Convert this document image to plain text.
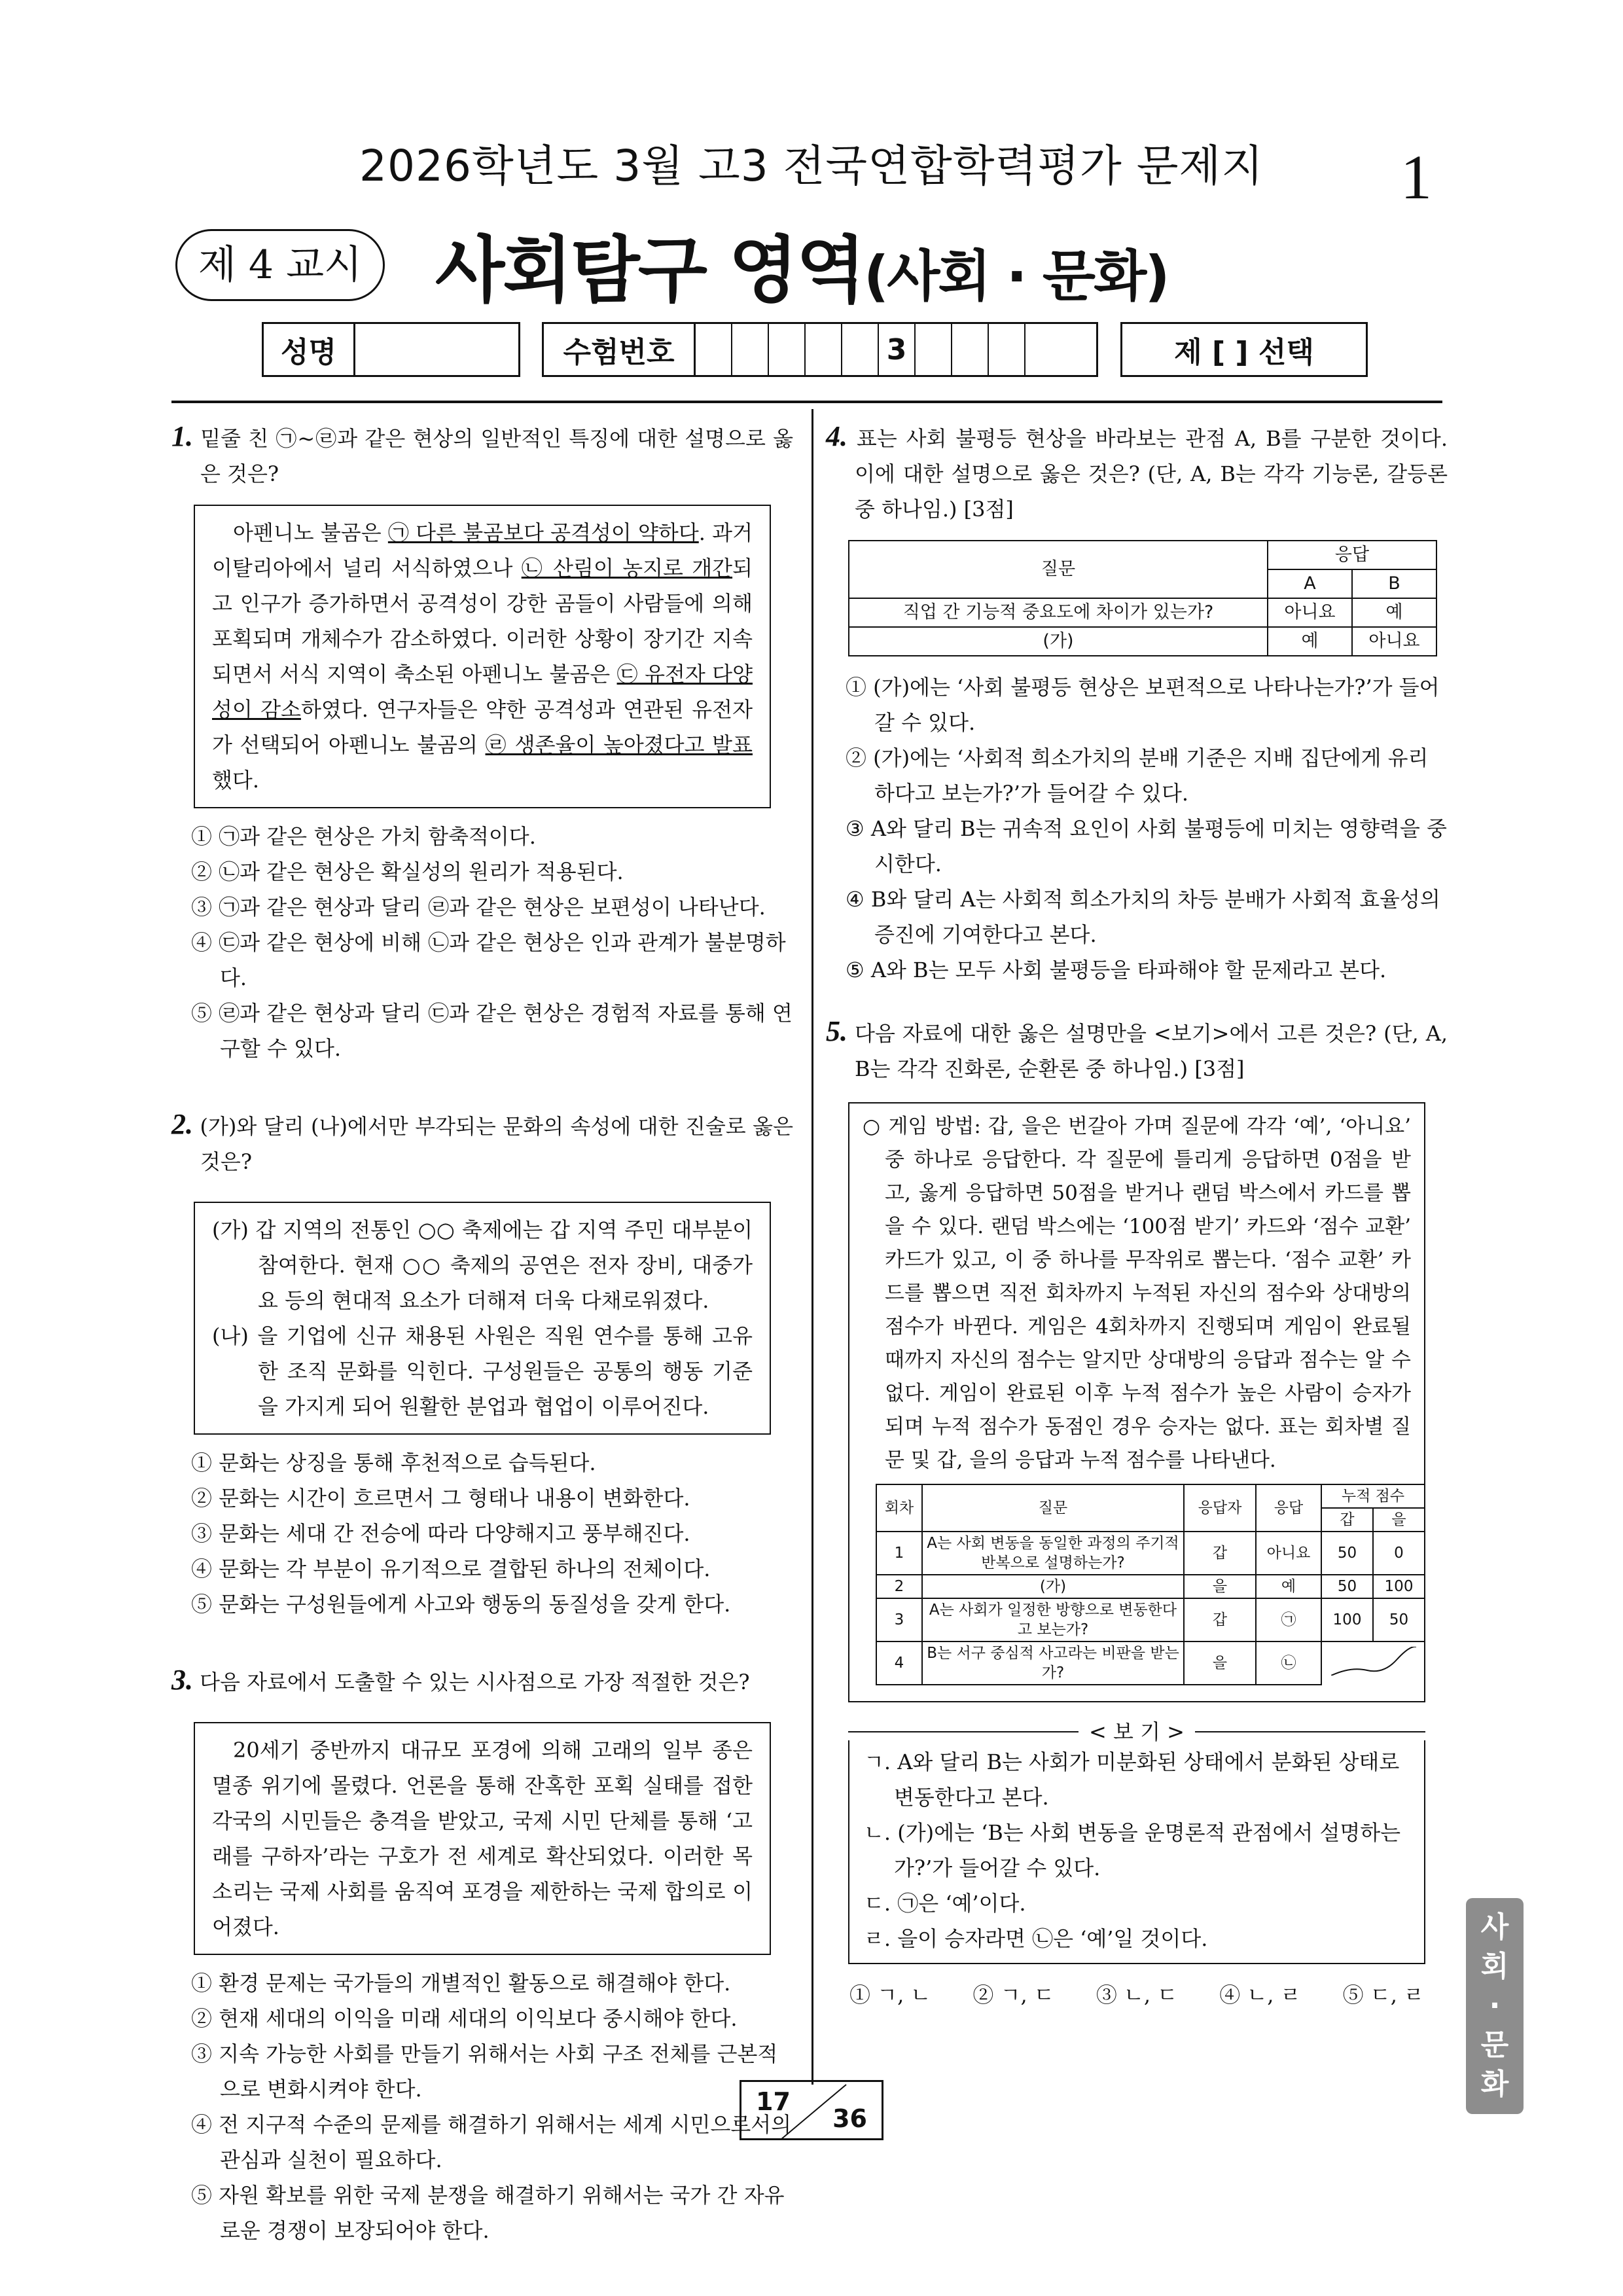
2026학년도 3월 고3 전국연합학력평가 문제지	1
제 4 교시	사회탐구 영역(사회 · 문화)
성명	수험번호	3	제 [ ] 선택
1. 밑줄 친 ㉠~㉣과 같은 현상의 일반적인 특징에 대한 설명으로 옳은 것은?

아펜니노 불곰은 ㉠ 다른 불곰보다 공격성이 약하다. 과거 이탈리아에서 널리 서식하였으나 ㉡ 산림이 농지로 개간되고 인구가 증가하면서 공격성이 강한 곰들이 사람들에 의해 포획되며 개체수가 감소하였다. 이러한 상황이 장기간 지속되면서 서식 지역이 축소된 아펜니노 불곰은 ㉢ 유전자 다양성이 감소하였다. 연구자들은 약한 공격성과 연관된 유전자가 선택되어 아펜니노 불곰의 ㉣ 생존율이 높아졌다고 발표했다.

① ㉠과 같은 현상은 가치 함축적이다.
② ㉡과 같은 현상은 확실성의 원리가 적용된다.
③ ㉠과 같은 현상과 달리 ㉣과 같은 현상은 보편성이 나타난다.
④ ㉢과 같은 현상에 비해 ㉡과 같은 현상은 인과 관계가 불분명하다.
⑤ ㉣과 같은 현상과 달리 ㉢과 같은 현상은 경험적 자료를 통해 연구할 수 있다.
2. (가)와 달리 (나)에서만 부각되는 문화의 속성에 대한 진술로 옳은 것은?
(가) 갑 지역의 전통인 ○○ 축제에는 갑 지역 주민 대부분이 참여한다. 현재 ○○ 축제의 공연은 전자 장비, 대중가요 등의 현대적 요소가 더해져 더욱 다채로워졌다.
(나) 을 기업에 신규 채용된 사원은 직원 연수를 통해 고유한 조직 문화를 익힌다. 구성원들은 공통의 행동 기준을 가지게 되어 원활한 분업과 협업이 이루어진다.
① 문화는 상징을 통해 후천적으로 습득된다.
② 문화는 시간이 흐르면서 그 형태나 내용이 변화한다.
③ 문화는 세대 간 전승에 따라 다양해지고 풍부해진다.
④ 문화는 각 부분이 유기적으로 결합된 하나의 전체이다.
⑤ 문화는 구성원들에게 사고와 행동의 동질성을 갖게 한다.
3. 다음 자료에서 도출할 수 있는 시사점으로 가장 적절한 것은?

20세기 중반까지 대규모 포경에 의해 고래의 일부 종은 멸종 위기에 몰렸다. 언론을 통해 잔혹한 포획 실태를 접한 각국의 시민들은 충격을 받았고, 국제 시민 단체를 통해 ‘고래를 구하자’라는 구호가 전 세계로 확산되었다. 이러한 목소리는 국제 사회를 움직여 포경을 제한하는 국제 합의로 이어졌다.

① 환경 문제는 국가들의 개별적인 활동으로 해결해야 한다.
② 현재 세대의 이익을 미래 세대의 이익보다 중시해야 한다.
③ 지속 가능한 사회를 만들기 위해서는 사회 구조 전체를 근본적으로 변화시켜야 한다.
④ 전 지구적 수준의 문제를 해결하기 위해서는 세계 시민으로서의 관심과 실천이 필요하다.
⑤ 자원 확보를 위한 국제 분쟁을 해결하기 위해서는 국가 간 자유로운 경쟁이 보장되어야 한다.
4. 표는 사회 불평등 현상을 바라보는 관점 A, B를 구분한 것이다. 이에 대한 설명으로 옳은 것은? (단, A, B는 각각 기능론, 갈등론 중 하나임.) [3점]
질문	응답	
	A	B
직업 간 기능적 중요도에 차이가 있는가?	아니요	예
(가)	예	아니요
① (가)에는 ‘사회 불평등 현상은 보편적으로 나타나는가?’가 들어갈 수 있다.
② (가)에는 ‘사회적 희소가치의 분배 기준은 지배 집단에게 유리하다고 보는가?’가 들어갈 수 있다.
③ A와 달리 B는 귀속적 요인이 사회 불평등에 미치는 영향력을 중시한다.
④ B와 달리 A는 사회적 희소가치의 차등 분배가 사회적 효율성의 증진에 기여한다고 본다.
⑤ A와 B는 모두 사회 불평등을 타파해야 할 문제라고 본다.
5. 다음 자료에 대한 옳은 설명만을 <보기>에서 고른 것은? (단, A, B는 각각 진화론, 순환론 중 하나임.) [3점]
○ 게임 방법: 갑, 을은 번갈아 가며 질문에 각각 ‘예’, ‘아니요’ 중 하나로 응답한다. 각 질문에 틀리게 응답하면 0점을 받고, 옳게 응답하면 50점을 받거나 랜덤 박스에서 카드를 뽑을 수 있다. 랜덤 박스에는 ‘100점 받기’ 카드와 ‘점수 교환’ 카드가 있고, 이 중 하나를 무작위로 뽑는다. ‘점수 교환’ 카드를 뽑으면 직전 회차까지 누적된 자신의 점수와 상대방의 점수가 바뀐다. 게임은 4회차까지 진행되며 게임이 완료될 때까지 자신의 점수는 알지만 상대방의 응답과 점수는 알 수 없다. 게임이 완료된 이후 누적 점수가 높은 사람이 승자가 되며 누적 점수가 동점인 경우 승자는 없다. 표는 회차별 질문 및 갑, 을의 응답과 누적 점수를 나타낸다.
회차	질문	응답자	응답	누적 점수	
				갑	을
1	A는 사회 변동을 동일한 과정의 주기적 반복으로 설명하는가?	갑	아니요	50	0
2	(가)	을	예	50	100
3	A는 사회가 일정한 방향으로 변동한다고 보는가?	갑	㉠	100	50
4	B는 서구 중심적 사고라는 비판을 받는가?	을	㉡	
< 보 기 >
ㄱ. A와 달리 B는 사회가 미분화된 상태에서 분화된 상태로 변동한다고 본다.
ㄴ. (가)에는 ‘B는 사회 변동을 운명론적 관점에서 설명하는가?’가 들어갈 수 있다.
ㄷ. ㉠은 ‘예’이다.
ㄹ. 을이 승자라면 ㉡은 ‘예’일 것이다.
① ㄱ, ㄴ ② ㄱ, ㄷ ③ ㄴ, ㄷ ④ ㄴ, ㄹ ⑤ ㄷ, ㄹ
사
회
·
문
화
17
36
